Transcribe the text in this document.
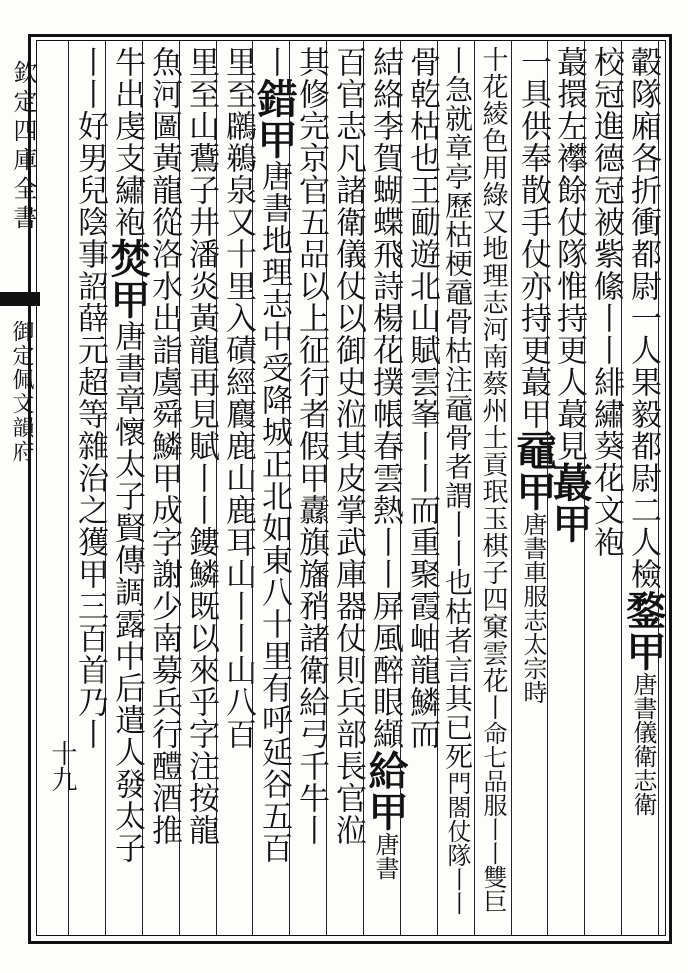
欽定四庫全書
御定佩文韻府
十九
轂隊廂各折衝都尉一人果毅都尉二人檢鍪甲唐書儀衛志衛
校冠進德冠被紫絛丨丨緋繡葵花文袍
蕞擐左襻餘仗隊惟持更人蕞見蕞甲
一具供奉散手仗亦持更蕞甲黿甲唐書車服志太宗時
十花綾色用綠又地理志河南蔡州土貢珉玉棋子四窠雲花丨命七品服丨丨雙巨
丨急就章亭歷枯梗黿骨枯注黿骨者謂丨丨也枯者言其已死門閤仗隊丨丨
骨乾枯也王勔遊北山賦雲峯丨丨而重聚霞岫龍鱗而
結絡李賀蝴蝶飛詩楊花撲帳春雲熱丨丨屏風醉眼纈給甲唐書
百官志凡諸衛儀仗以御史涖其皮掌武庫器仗則兵部長官涖
其修完京官五品以上征行者假甲纛旗旛矟諸衛給弓千牛丨
丨錯甲唐書地理志中受降城正北如東八十里有呼延谷五百
里至鸊鵜泉又十里入磧經麚鹿山鹿耳山丨丨山八百
里至山鷰子井潘炎黃龍再見賦丨丨鏤鱗既以來乎字注按龍
魚河圖黃龍從洛水出詣虞舜鱗甲成字謝少南募兵行醴酒推
牛出虔支繡袍焚甲唐書章懷太子賢傳調露中后遣人發太子
丨丨好男兒陰事詔薛元超等雜治之獲甲三百首乃丨
